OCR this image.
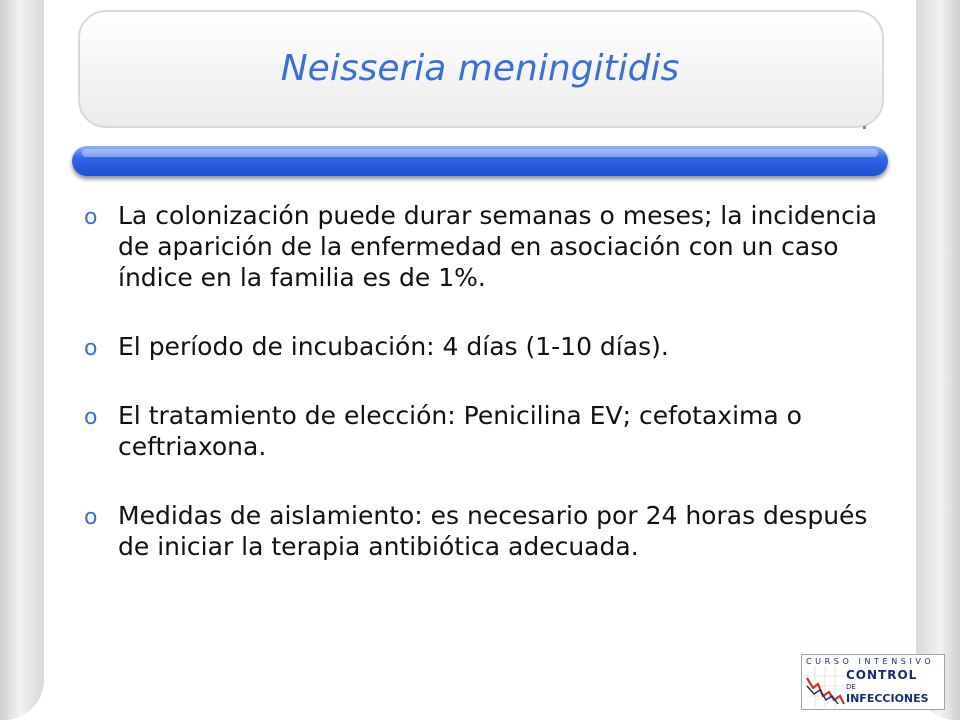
Neisseria meningitidis
o La colonización puede durar semanas o meses; la incidencia de aparición de la enfermedad en asociación con un caso índice en la familia es de 1%.
o El período de incubación: 4 días (1-10 días).
o El tratamiento de elección: Penicilina EV; cefotaxima o ceftriaxona.
o Medidas de aislamiento: es necesario por 24 horas después de iniciar la terapia antibiótica adecuada.
CURSO INTENSIVO
CONTROL
DE
INFECCIONES
